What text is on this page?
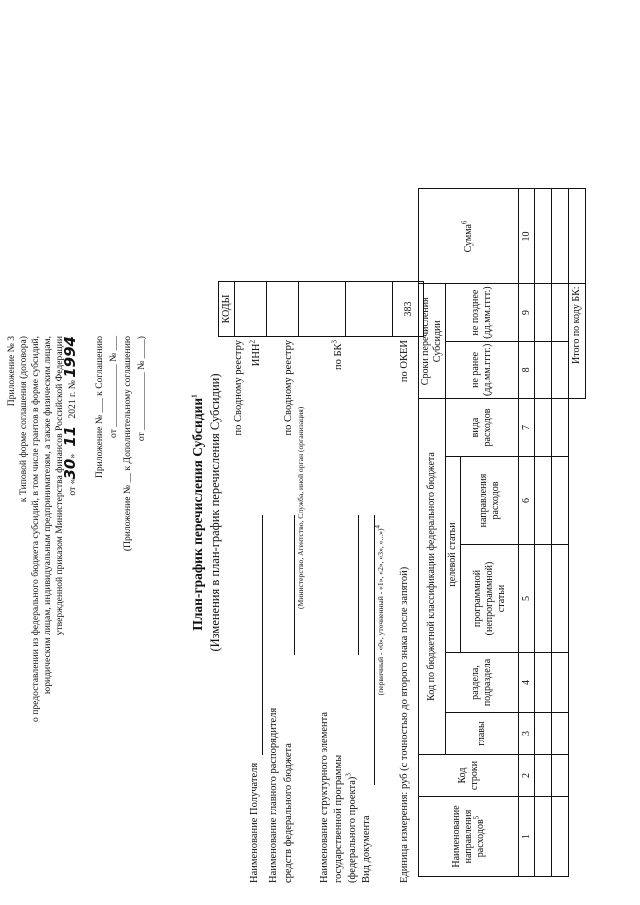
Приложение № 3 к Типовой форме соглашения (договора) о предоставлении из федерального бюджета субсидий, в том числе грантов в форме субсидий, юридическим лицам, индивидуальным предпринимателям, а также физическим лицам, утвержденной приказом Министерства финансов Российской Федерации от «30»   11   2021 г. № 1994 Приложение № ___ к Соглашению от _____________ № ___ (Приложение № __ к Дополнительному соглашению от ____________ № ____)
План-график перечисления Субсидии$^1$ (Изменения в план-график перечисления Субсидии)
КОДЫ

383
Наименование Получателя
по Сводному реестру ИНН$^2$
Наименование главного распорядителя средств федерального бюджета
по Сводному реестру
(Министерство, Агентство, Служба, иной орган (организация)
Наименование структурного элемента государственной программы (федерального проекта)$^3$
по $БК^3$
Вид документа
(первичный - «0», уточненный - «1», «2», «3», «...»)$^4$
Единица измерения: руб (с точностью до второго знака после запятой)
по ОКЕИ
Наименование направления расходов$^5$	Код строки	Код по бюджетной классификации федерального бюджета					Сроки перечисления Субсидии		Сумма$^6$
		главы	раздела, подраздела	целевой статьи		вида расходов	не ранее (дд.мм.гггг.)	не позднее (дд.мм.гггг.)	
				программной (непрограммной) статьи	направления расходов				
1	2	3	4	5	6	7	8	9	10

							Итого по коду БК:		
